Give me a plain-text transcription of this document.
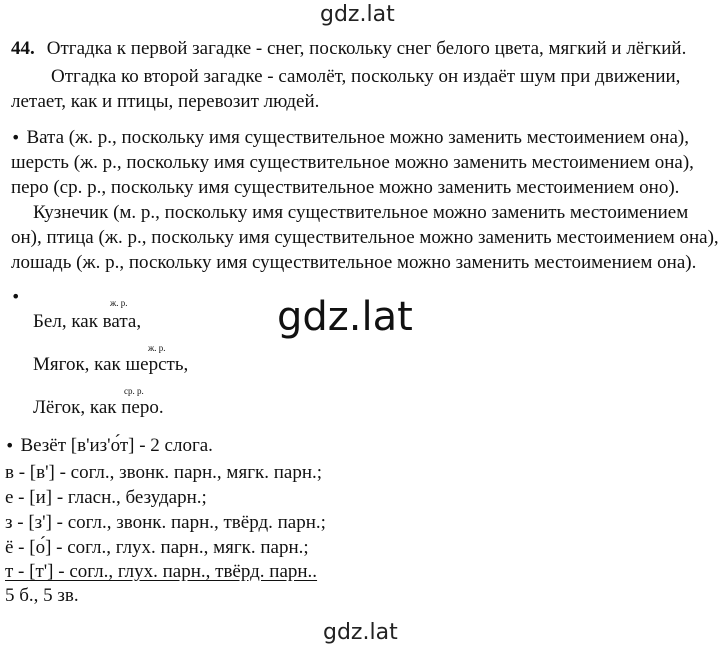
gdz.lat
44. Отгадка к первой загадке - снег, поскольку снег белого цвета, мягкий и лёгкий.
Отгадка ко второй загадке - самолёт, поскольку он издаёт шум при движении,
летает, как и птицы, перевозит людей.
• Вата (ж. р., поскольку имя существительное можно заменить местоимением она),
шерсть (ж. р., поскольку имя существительное можно заменить местоимением она),
перо (ср. р., поскольку имя существительное можно заменить местоимением оно).
Кузнечик (м. р., поскольку имя существительное можно заменить местоимением
он), птица (ж. р., поскольку имя существительное можно заменить местоимением она),
лошадь (ж. р., поскольку имя существительное можно заменить местоимением она).
•	ж. р.
Бел, как вата,
ж. р.
Мягок, как шерсть,
ср. р.
Лёгок, как перо.
gdz.lat
• Везёт [в'из'о́т] - 2 слога.
в - [в'] - согл., звонк. парн., мягк. парн.;
е - [и] - гласн., безударн.;
з - [з'] - согл., звонк. парн., твёрд. парн.;
ё - [о́] - согл., глух. парн., мягк. парн.;
т - [т'] - согл., глух. парн., твёрд. парн..
5 б., 5 зв.
gdz.lat
